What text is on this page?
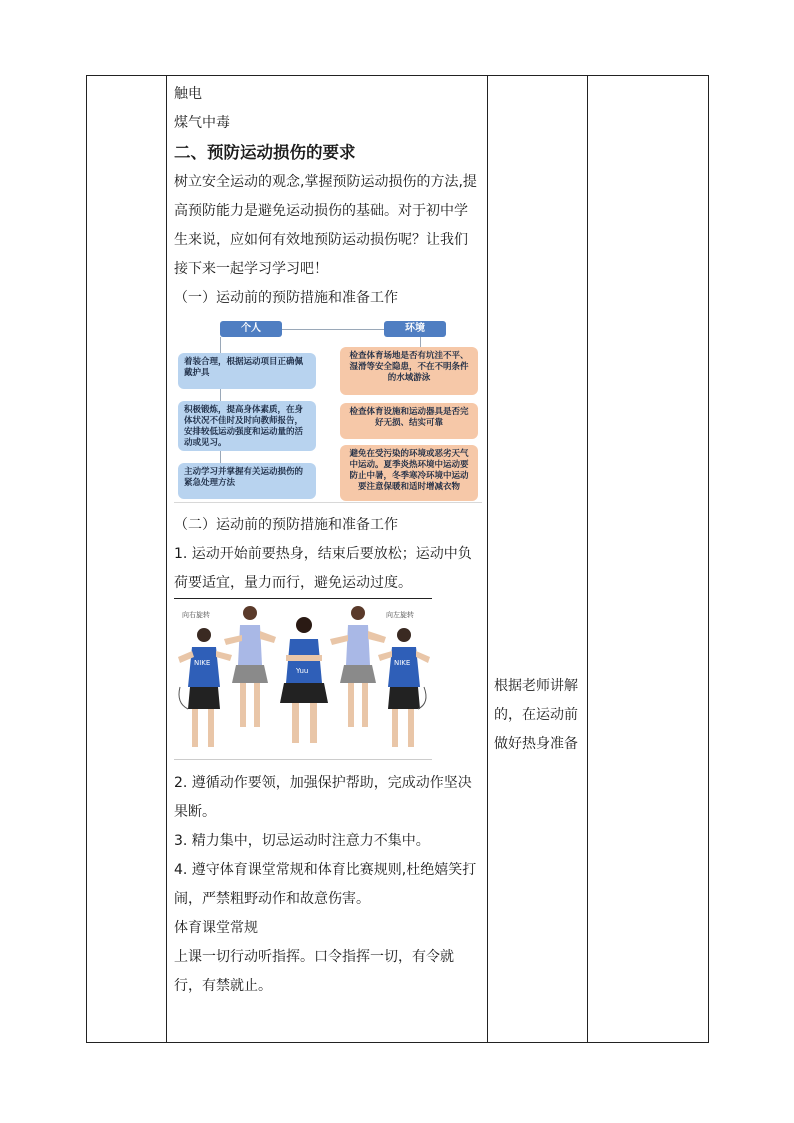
触电

煤气中毒

二、预防运动损伤的要求

树立安全运动的观念,掌握预防运动损伤的方法,提高预防能力是避免运动损伤的基础。对于初中学生来说，应如何有效地预防运动损伤呢？让我们接下来一起学习学习吧！

（一）运动前的预防措施和准备工作

个人	环境
着装合理，根据运动项目正确佩戴护具
积极锻炼，提高身体素质，在身体状况不佳时及时向教师报告，安排较低运动强度和运动量的活动或见习。
主动学习并掌握有关运动损伤的紧急处理方法
检查体育场地是否有坑洼不平、湿滑等安全隐患，不在不明条件的水域游泳
检查体育设施和运动器具是否完好无损、结实可靠
避免在受污染的环境或恶劣天气中运动。夏季炎热环境中运动要防止中暑，冬季寒冷环境中运动要注意保暖和适时增减衣物

（二）运动前的预防措施和准备工作

1. 运动开始前要热身，结束后要放松；运动中负荷要适宜，量力而行，避免运动过度。

NIKE
向右旋转
Yuu
NIKE
向左旋转

2. 遵循动作要领，加强保护帮助，完成动作坚决果断。

3. 精力集中，切忌运动时注意力不集中。

4. 遵守体育课堂常规和体育比赛规则,杜绝嬉笑打闹，严禁粗野动作和故意伤害。

体育课堂常规

上课一切行动听指挥。口令指挥一切，有令就行，有禁就止。

根据老师讲解的，在运动前做好热身准备
